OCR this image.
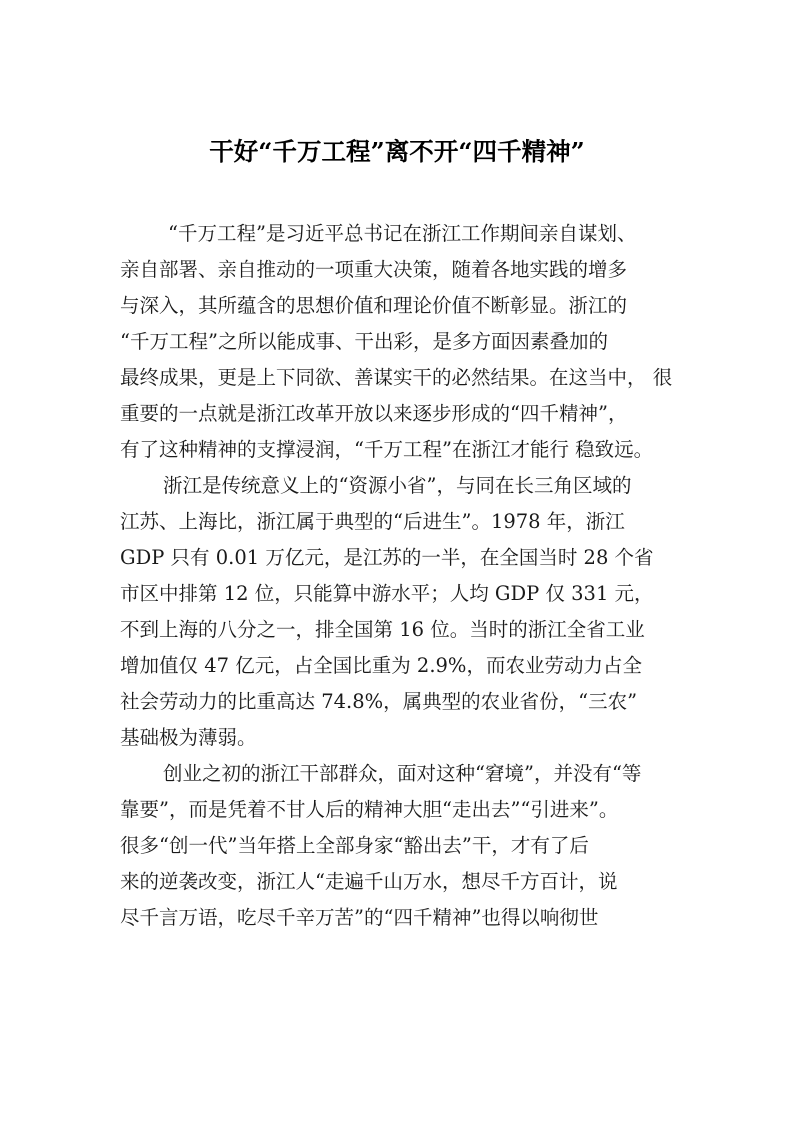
干好“千万工程”离不开“四千精神”
“千万工程”是习近平总书记在浙江工作期间亲自谋划、
亲自部署、亲自推动的一项重大决策，随着各地实践的增多
与深入，其所蕴含的思想价值和理论价值不断彰显。浙江的
“千万工程”之所以能成事、干出彩，是多方面因素叠加的
最终成果，更是上下同欲、善谋实干的必然结果。在这当中， 很
重要的一点就是浙江改革开放以来逐步形成的“四千精神”，
有了这种精神的支撑浸润，“千万工程”在浙江才能行 稳致远。
浙江是传统意义上的“资源小省”，与同在长三角区域的
江苏、上海比，浙江属于典型的“后进生”。1978 年，浙江
GDP 只有 0.01 万亿元，是江苏的一半，在全国当时 28 个省
市区中排第 12 位，只能算中游水平；人均 GDP 仅 331 元，
不到上海的八分之一，排全国第 16 位。当时的浙江全省工业
增加值仅 47 亿元，占全国比重为 2.9%，而农业劳动力占全
社会劳动力的比重高达 74.8%，属典型的农业省份，“三农”
基础极为薄弱。
创业之初的浙江干部群众，面对这种“窘境”，并没有“等
靠要”，而是凭着不甘人后的精神大胆“走出去”“引进来”。
很多“创一代”当年搭上全部身家“豁出去”干，才有了后
来的逆袭改变，浙江人“走遍千山万水，想尽千方百计，说
尽千言万语，吃尽千辛万苦”的“四千精神”也得以响彻世
